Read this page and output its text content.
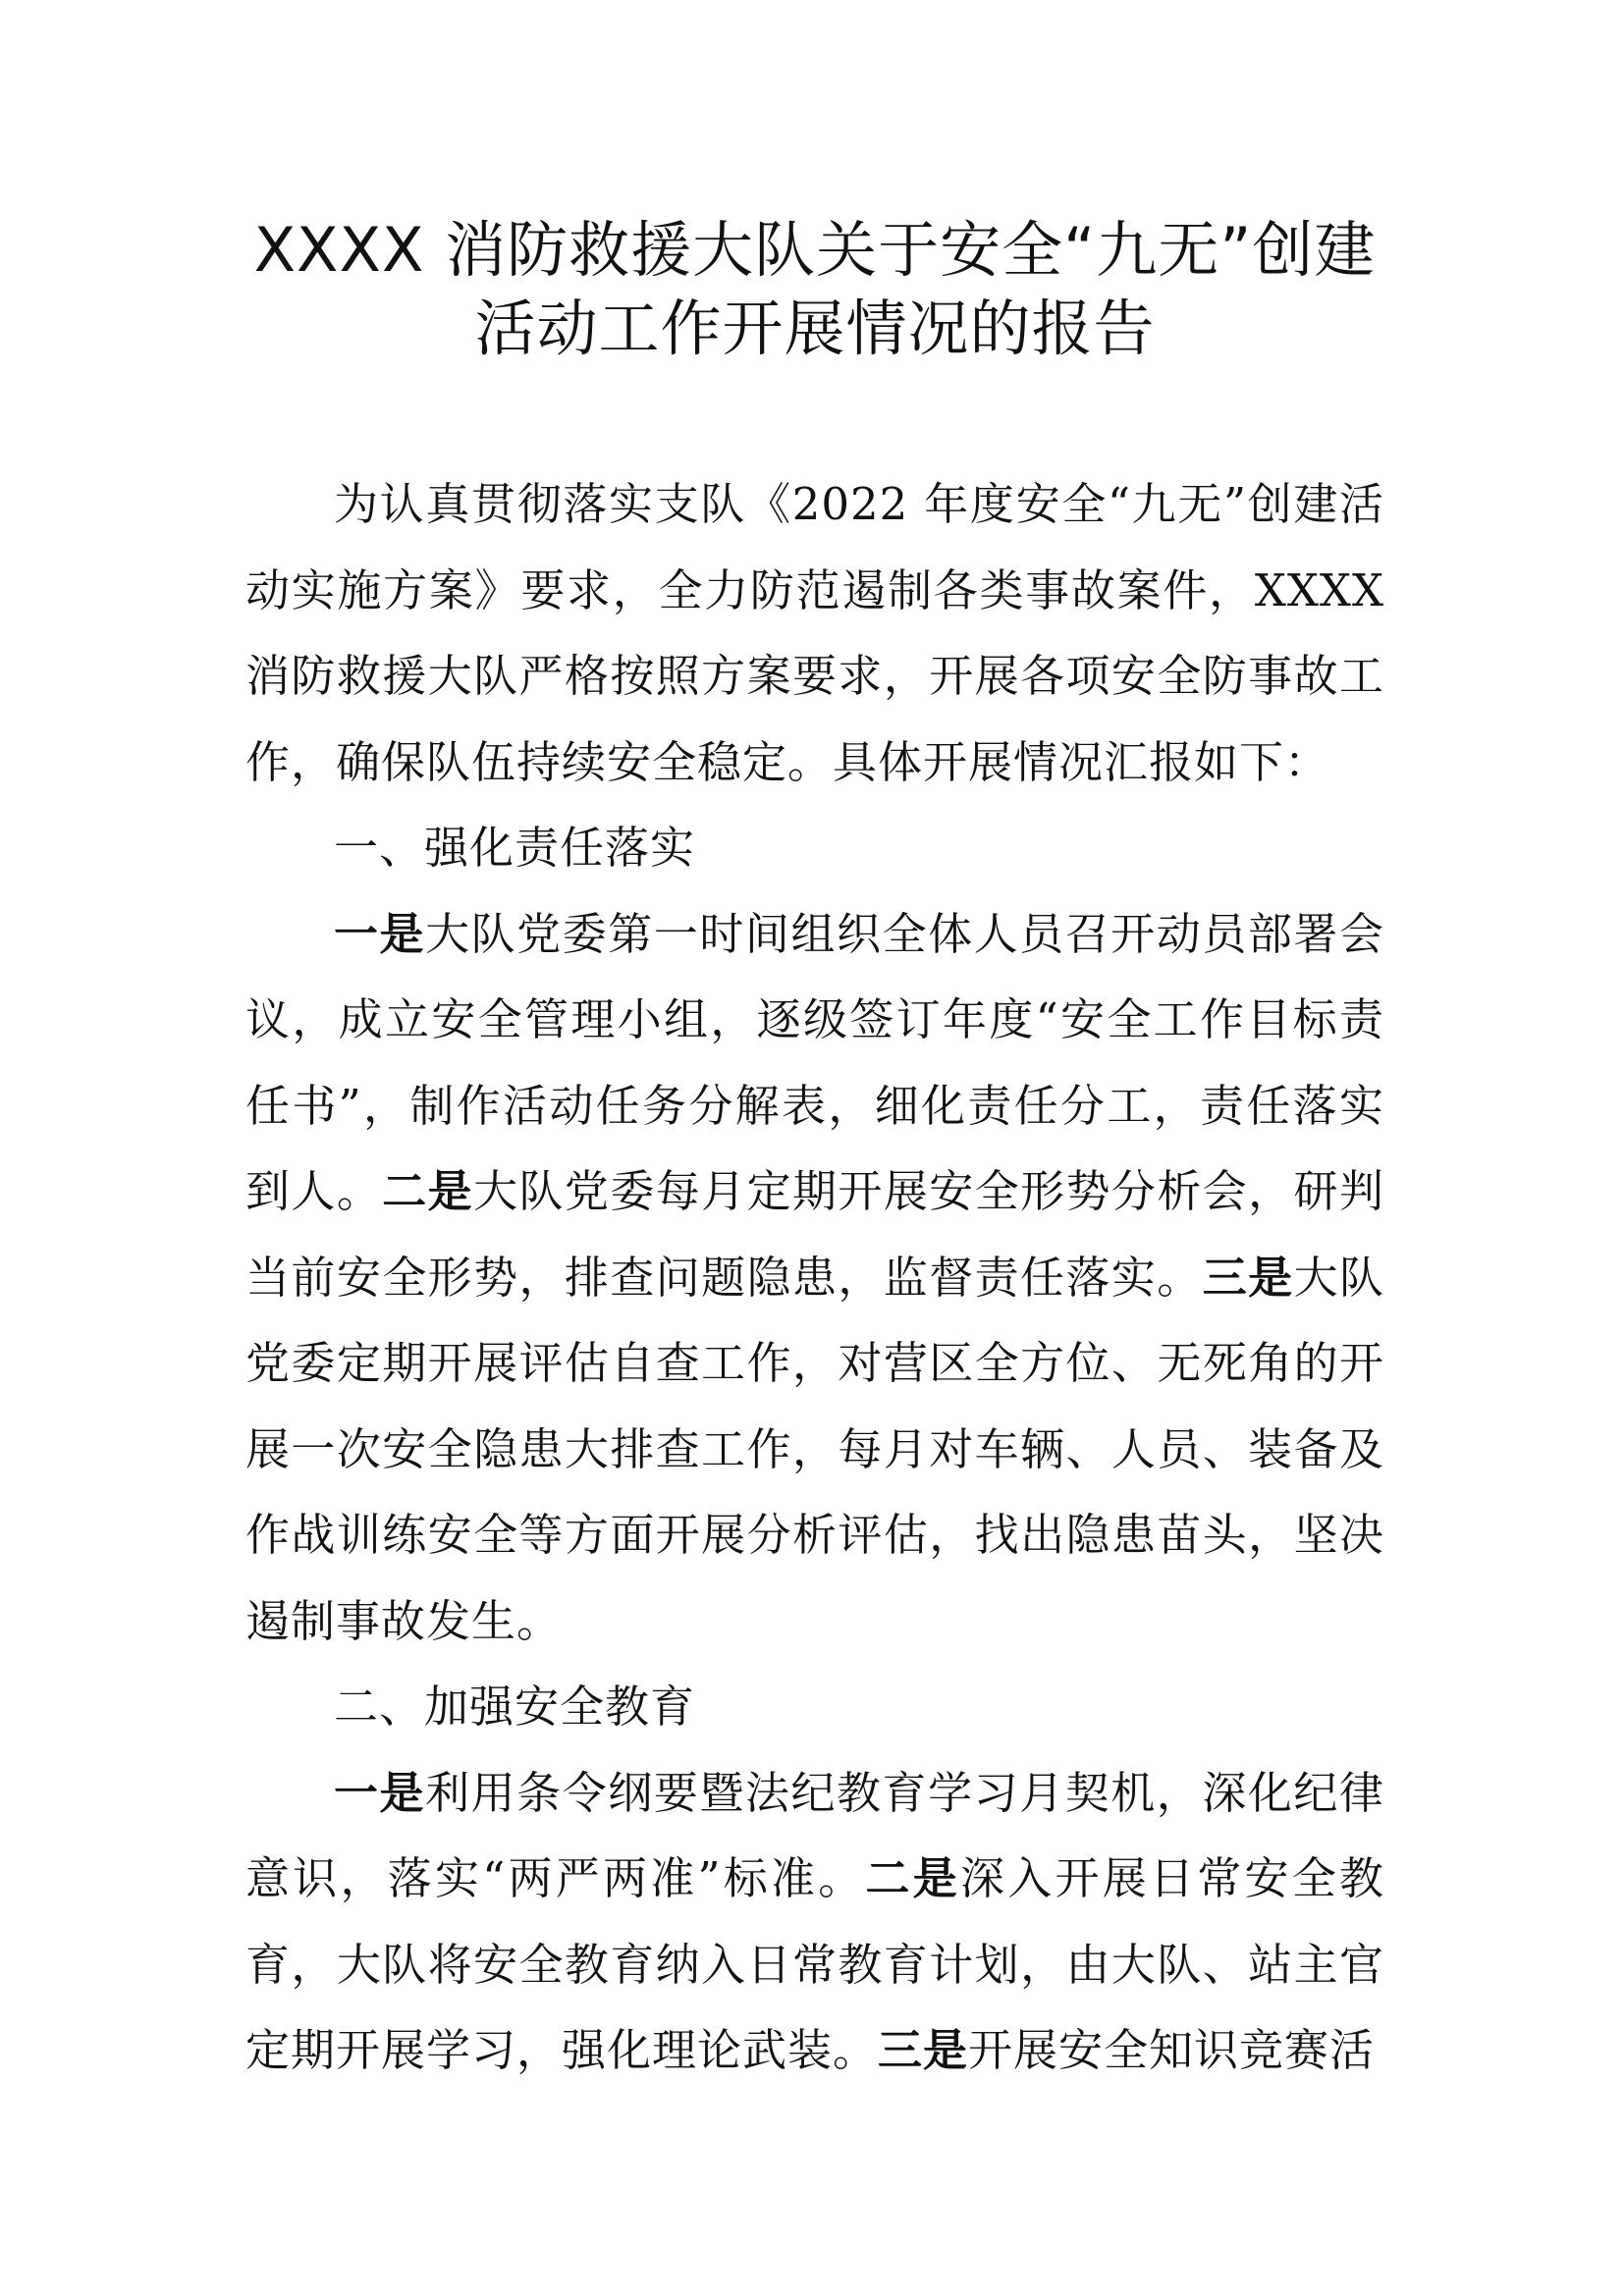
XXXX 消防救援大队关于安全“九无”创建活动工作开展情况的报告

为认真贯彻落实支队《2022 年度安全“九无”创建活动实施方案》要求，全力防范遏制各类事故案件，XXXX 消防救援大队严格按照方案要求，开展各项安全防事故工作，确保队伍持续安全稳定。具体开展情况汇报如下：

一、强化责任落实

一是大队党委第一时间组织全体人员召开动员部署会议，成立安全管理小组，逐级签订年度“安全工作目标责任书”，制作活动任务分解表，细化责任分工，责任落实到人。二是大队党委每月定期开展安全形势分析会，研判当前安全形势，排查问题隐患，监督责任落实。三是大队党委定期开展评估自查工作，对营区全方位、无死角的开展一次安全隐患大排查工作，每月对车辆、人员、装备及作战训练安全等方面开展分析评估，找出隐患苗头，坚决遏制事故发生。

二、加强安全教育

一是利用条令纲要暨法纪教育学习月契机，深化纪律意识，落实“两严两准”标准。二是深入开展日常安全教育，大队将安全教育纳入日常教育计划，由大队、站主官定期开展学习，强化理论武装。三是开展安全知识竞赛活
